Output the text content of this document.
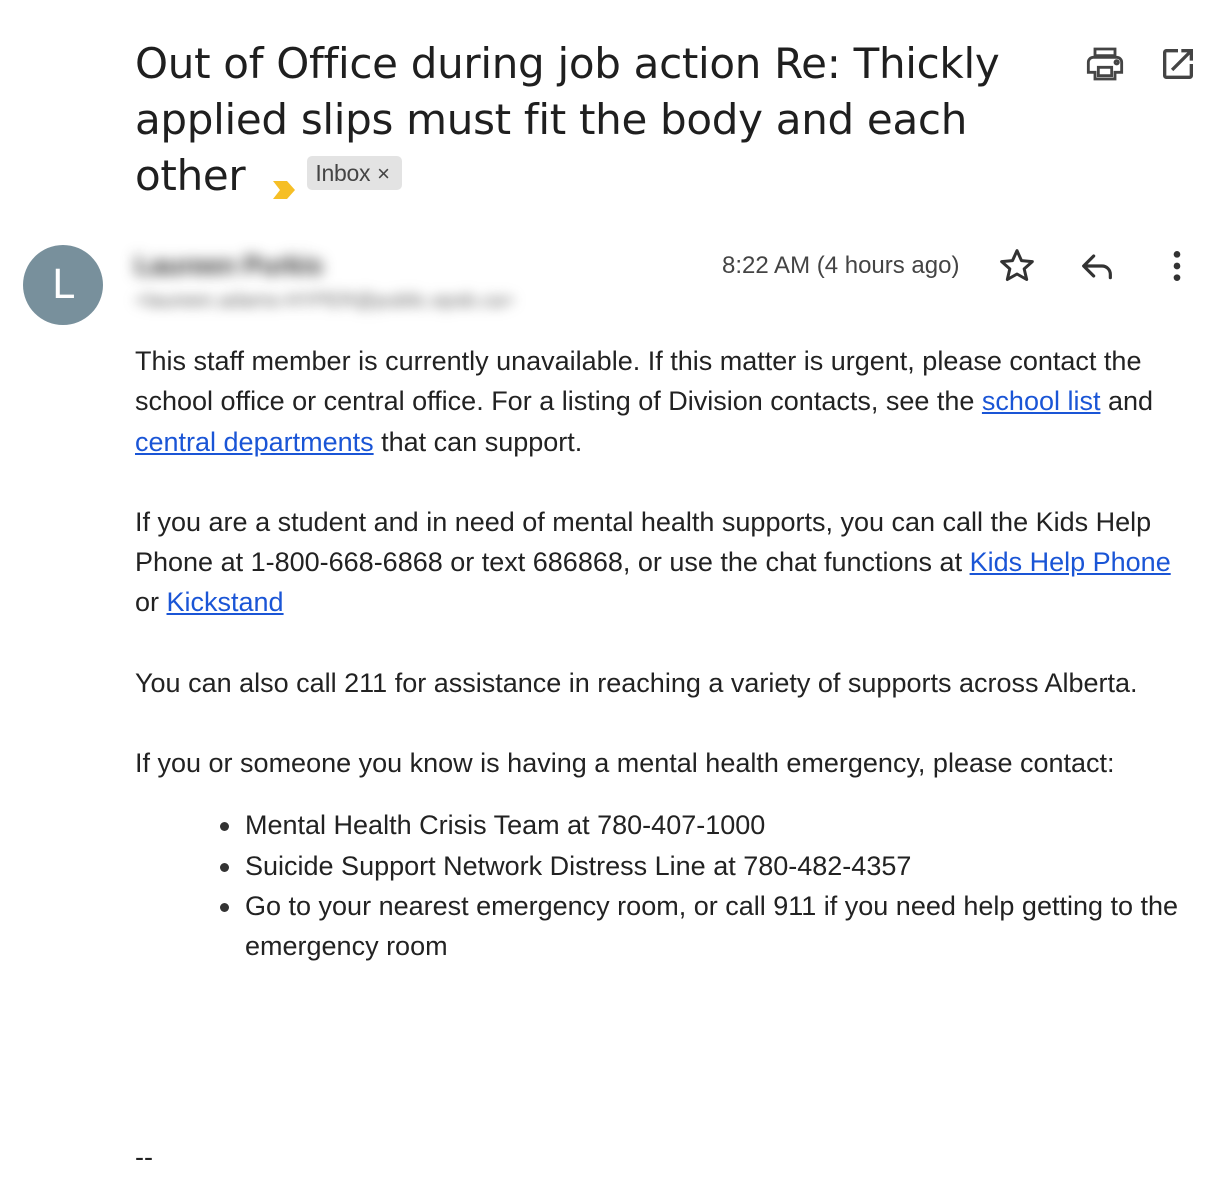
Out of Office during job action Re: Thickly applied slips must fit the body and each other	Inbox ×
L	Laureen Purkis
<laureen.adams-HYPER@public.epsb.ca>
8:22 AM (4 hours ago)

This staff member is currently unavailable. If this matter is urgent, please contact the school office or central office. For a listing of Division contacts, see the school list and central departments that can support.

If you are a student and in need of mental health supports, you can call the Kids Help Phone at 1-800-668-6868 or text 686868, or use the chat functions at Kids Help Phone or Kickstand

You can also call 211 for assistance in reaching a variety of supports across Alberta.

If you or someone you know is having a mental health emergency, please contact:

Mental Health Crisis Team at 780-407-1000
Suicide Support Network Distress Line at 780-482-4357
Go to your nearest emergency room, or call 911 if you need help getting to the emergency room
--
